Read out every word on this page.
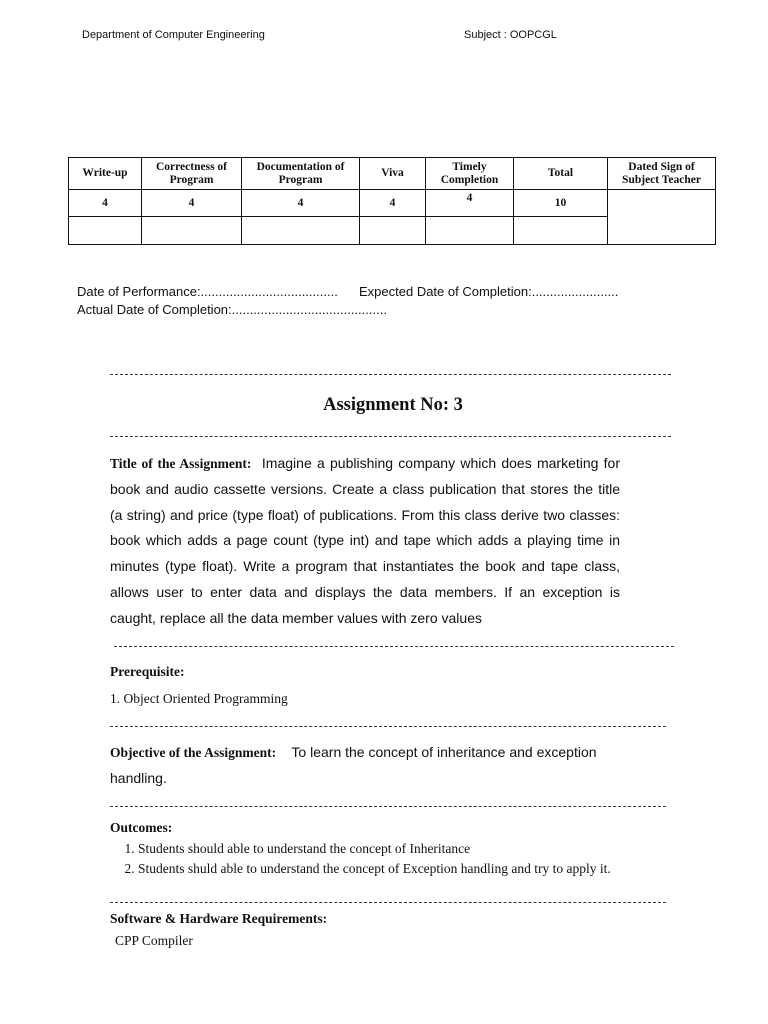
Department of Computer Engineering	Subject : OOPCGL
Write-up	Correctness of Program	Documentation of Program	Viva	Timely Completion	Total	Dated Sign of Subject Teacher
4	4	4	4	4	10	

Date of Performance:...................................... Expected Date of Completion:........................
Actual Date of Completion:...........................................
Assignment No: 3
Title of the Assignment: Imagine a publishing company which does marketing for book and audio cassette versions. Create a class publication that stores the title (a string) and price (type float) of publications. From this class derive two classes: book which adds a page count (type int) and tape which adds a playing time in minutes (type float). Write a program that instantiates the book and tape class, allows user to enter data and displays the data members. If an exception is caught, replace all the data member values with zero values
Prerequisite:
1. Object Oriented Programming
Objective of the Assignment: To learn the concept of inheritance and exception handling.
Outcomes:
1. Students should able to understand the concept of Inheritance
2. Students shuld able to understand the concept of Exception handling and try to apply it.
Software & Hardware Requirements:
CPP Compiler
